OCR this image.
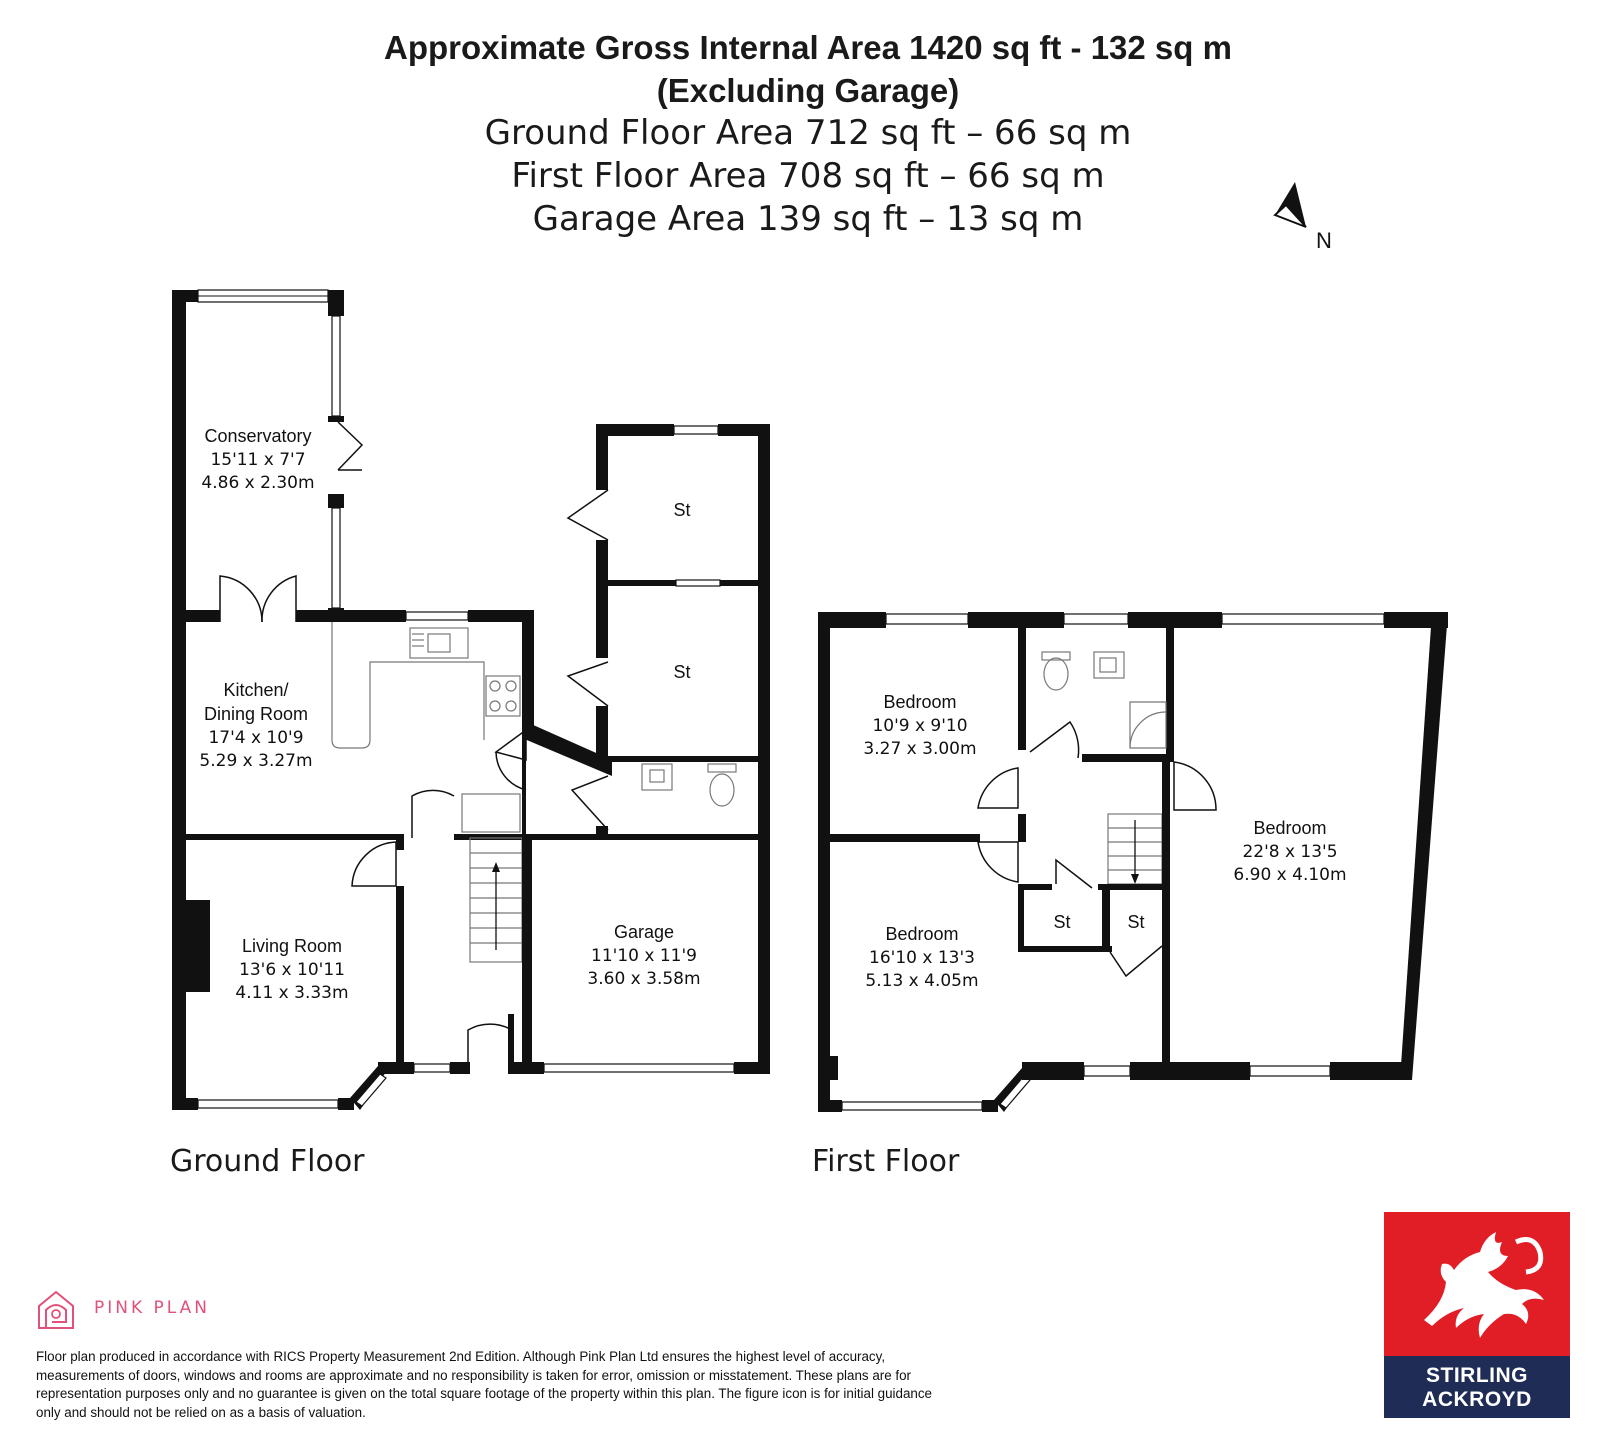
Approximate Gross Internal Area 1420 sq ft - 132 sq m
(Excluding Garage)
Ground Floor Area 712 sq ft – 66 sq m
First Floor Area 708 sq ft – 66 sq m
Garage Area 139 sq ft – 13 sq m
N
Conservatory
15'11 x 7'7
4.86 x 2.30m
Kitchen/
Dining Room
17'4 x 10'9
5.29 x 3.27m
Living Room
13'6 x 10'11
4.11 x 3.33m
Garage
11'10 x 11'9
3.60 x 3.58m
St
St
Bedroom
10'9 x 9'10
3.27 x 3.00m
Bedroom
16'10 x 13'3
5.13 x 4.05m
Bedroom
22'8 x 13'5
6.90 x 4.10m
St	St
Ground Floor	First Floor
PINK PLAN
Floor plan produced in accordance with RICS Property Measurement 2nd Edition. Although Pink Plan Ltd ensures the highest level of accuracy, measurements of doors, windows and rooms are approximate and no responsibility is taken for error, omission or misstatement. These plans are for representation purposes only and no guarantee is given on the total square footage of the property within this plan. The figure icon is for initial guidance only and should not be relied on as a basis of valuation.
STIRLING
ACKROYD
